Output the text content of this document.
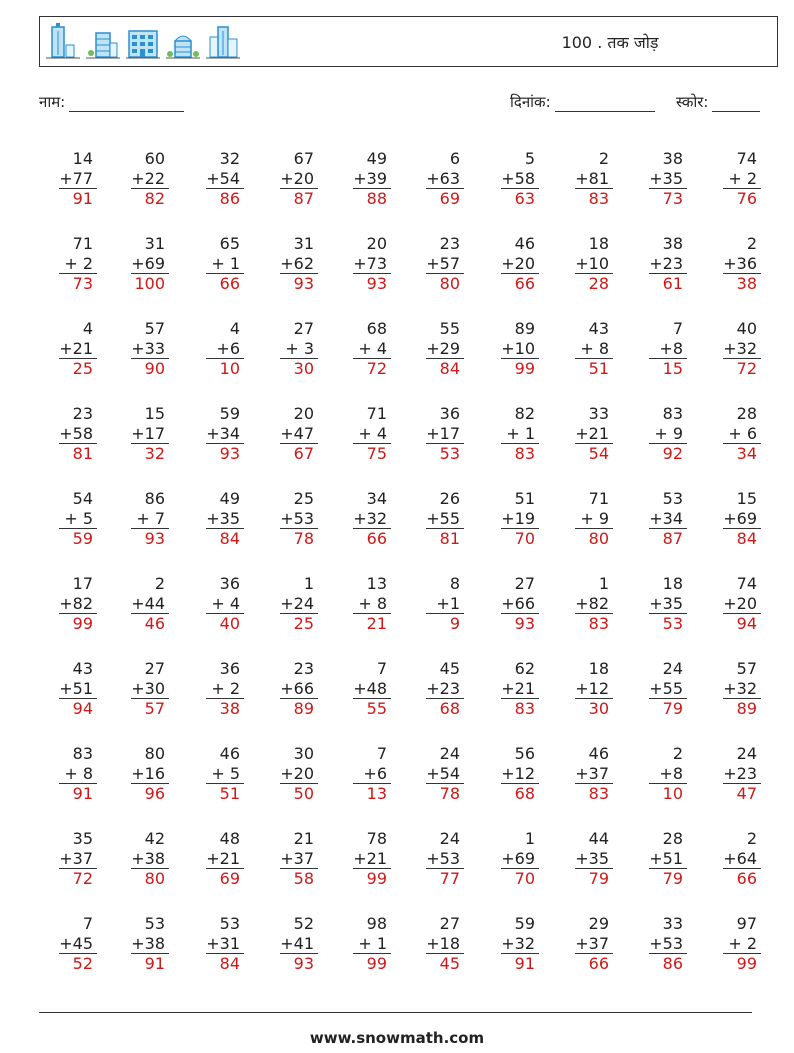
100 . तक जोड़
नाम:	दिनांक:	स्कोर:
14
+77
91
60
+22
82
32
+54
86
67
+20
87
49
+39
88
6
+63
69
5
+58
63
2
+81
83
38
+35
73
74
+ 2
76
71
+ 2
73
31
+69
100
65
+ 1
66
31
+62
93
20
+73
93
23
+57
80
46
+20
66
18
+10
28
38
+23
61
2
+36
38
4
+21
25
57
+33
90
4
+6
10
27
+ 3
30
68
+ 4
72
55
+29
84
89
+10
99
43
+ 8
51
7
+8
15
40
+32
72
23
+58
81
15
+17
32
59
+34
93
20
+47
67
71
+ 4
75
36
+17
53
82
+ 1
83
33
+21
54
83
+ 9
92
28
+ 6
34
54
+ 5
59
86
+ 7
93
49
+35
84
25
+53
78
34
+32
66
26
+55
81
51
+19
70
71
+ 9
80
53
+34
87
15
+69
84
17
+82
99
2
+44
46
36
+ 4
40
1
+24
25
13
+ 8
21
8
+1
9
27
+66
93
1
+82
83
18
+35
53
74
+20
94
43
+51
94
27
+30
57
36
+ 2
38
23
+66
89
7
+48
55
45
+23
68
62
+21
83
18
+12
30
24
+55
79
57
+32
89
83
+ 8
91
80
+16
96
46
+ 5
51
30
+20
50
7
+6
13
24
+54
78
56
+12
68
46
+37
83
2
+8
10
24
+23
47
35
+37
72
42
+38
80
48
+21
69
21
+37
58
78
+21
99
24
+53
77
1
+69
70
44
+35
79
28
+51
79
2
+64
66
7
+45
52
53
+38
91
53
+31
84
52
+41
93
98
+ 1
99
27
+18
45
59
+32
91
29
+37
66
33
+53
86
97
+ 2
99
www.snowmath.com
